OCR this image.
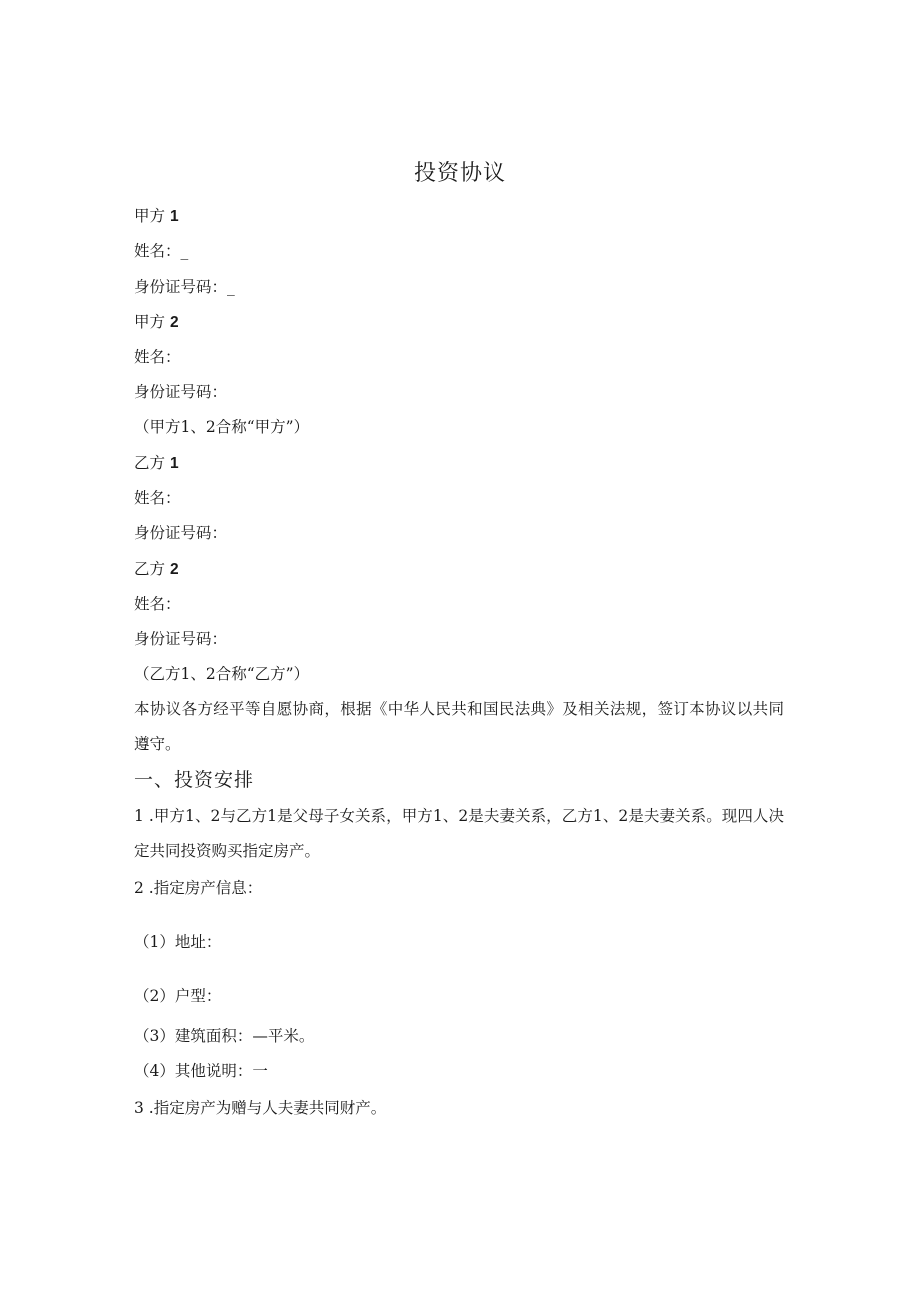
投资协议
甲方 1
姓名：_
身份证号码：_
甲方 2
姓名：
身份证号码：
（甲方1、2合称“甲方”）
乙方 1
姓名：
身份证号码：
乙方 2
姓名：
身份证号码：
（乙方1、2合称“乙方”）
本协议各方经平等自愿协商，根据《中华人民共和国民法典》及相关法规，签订本协议以共同遵守。
一、投资安排
1 .甲方1、2与乙方1是父母子女关系，甲方1、2是夫妻关系，乙方1、2是夫妻关系。现四人决定共同投资购买指定房产。
2 .指定房产信息：
（1）地址：
（2）户型：
（3）建筑面积：—平米。
（4）其他说明：一
3 .指定房产为赠与人夫妻共同财产。
